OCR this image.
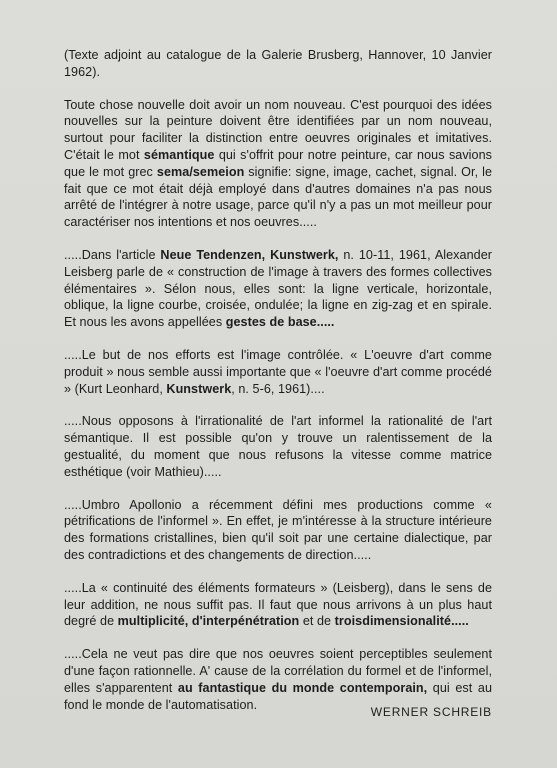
(Texte adjoint au catalogue de la Galerie Brusberg, Hannover, 10 Janvier 1962).

Toute chose nouvelle doit avoir un nom nouveau. C'est pourquoi des idées nouvelles sur la peinture doivent être identifiées par un nom nouveau, surtout pour faciliter la distinction entre oeuvres originales et imitatives. C'était le mot sémantique qui s'offrit pour notre peinture, car nous savions que le mot grec sema/semeion signifie: signe, image, cachet, signal. Or, le fait que ce mot était déjà employé dans d'autres domaines n'a pas nous arrêté de l'intégrer à notre usage, parce qu'il n'y a pas un mot meilleur pour caractériser nos intentions et nos oeuvres.....

.....Dans l'article Neue Tendenzen, Kunstwerk, n. 10-11, 1961, Alexander Leisberg parle de « construction de l'image à travers des formes collectives élémentaires ». Sélon nous, elles sont: la ligne verticale, horizontale, oblique, la ligne courbe, croisée, ondulée; la ligne en zig-zag et en spirale. Et nous les avons appellées gestes de base.....

.....Le but de nos efforts est l'image contrôlée. « L'oeuvre d'art comme produit » nous semble aussi importante que « l'oeuvre d'art comme procédé » (Kurt Leonhard, Kunstwerk, n. 5-6, 1961)....

.....Nous opposons à l'irrationalité de l'art informel la rationalité de l'art sémantique. Il est possible qu'on y trouve un ralentissement de la gestualité, du moment que nous refusons la vitesse comme matrice esthétique (voir Mathieu).....

.....Umbro Apollonio a récemment défini mes productions comme « pétrifications de l'informel ». En effet, je m'intéresse à la structure intérieure des formations cristallines, bien qu'il soit par une certaine dialectique, par des contradictions et des changements de direction.....

.....La « continuité des éléments formateurs » (Leisberg), dans le sens de leur addition, ne nous suffit pas. Il faut que nous arrivons à un plus haut degré de multiplicité, d'interpénétration et de troisdimensionalité.....

.....Cela ne veut pas dire que nos oeuvres soient perceptibles seulement d'une façon rationnelle. A' cause de la corrélation du formel et de l'informel, elles s'apparentent au fantastique du monde contemporain, qui est au fond le monde de l'automatisation.

WERNER SCHREIB
